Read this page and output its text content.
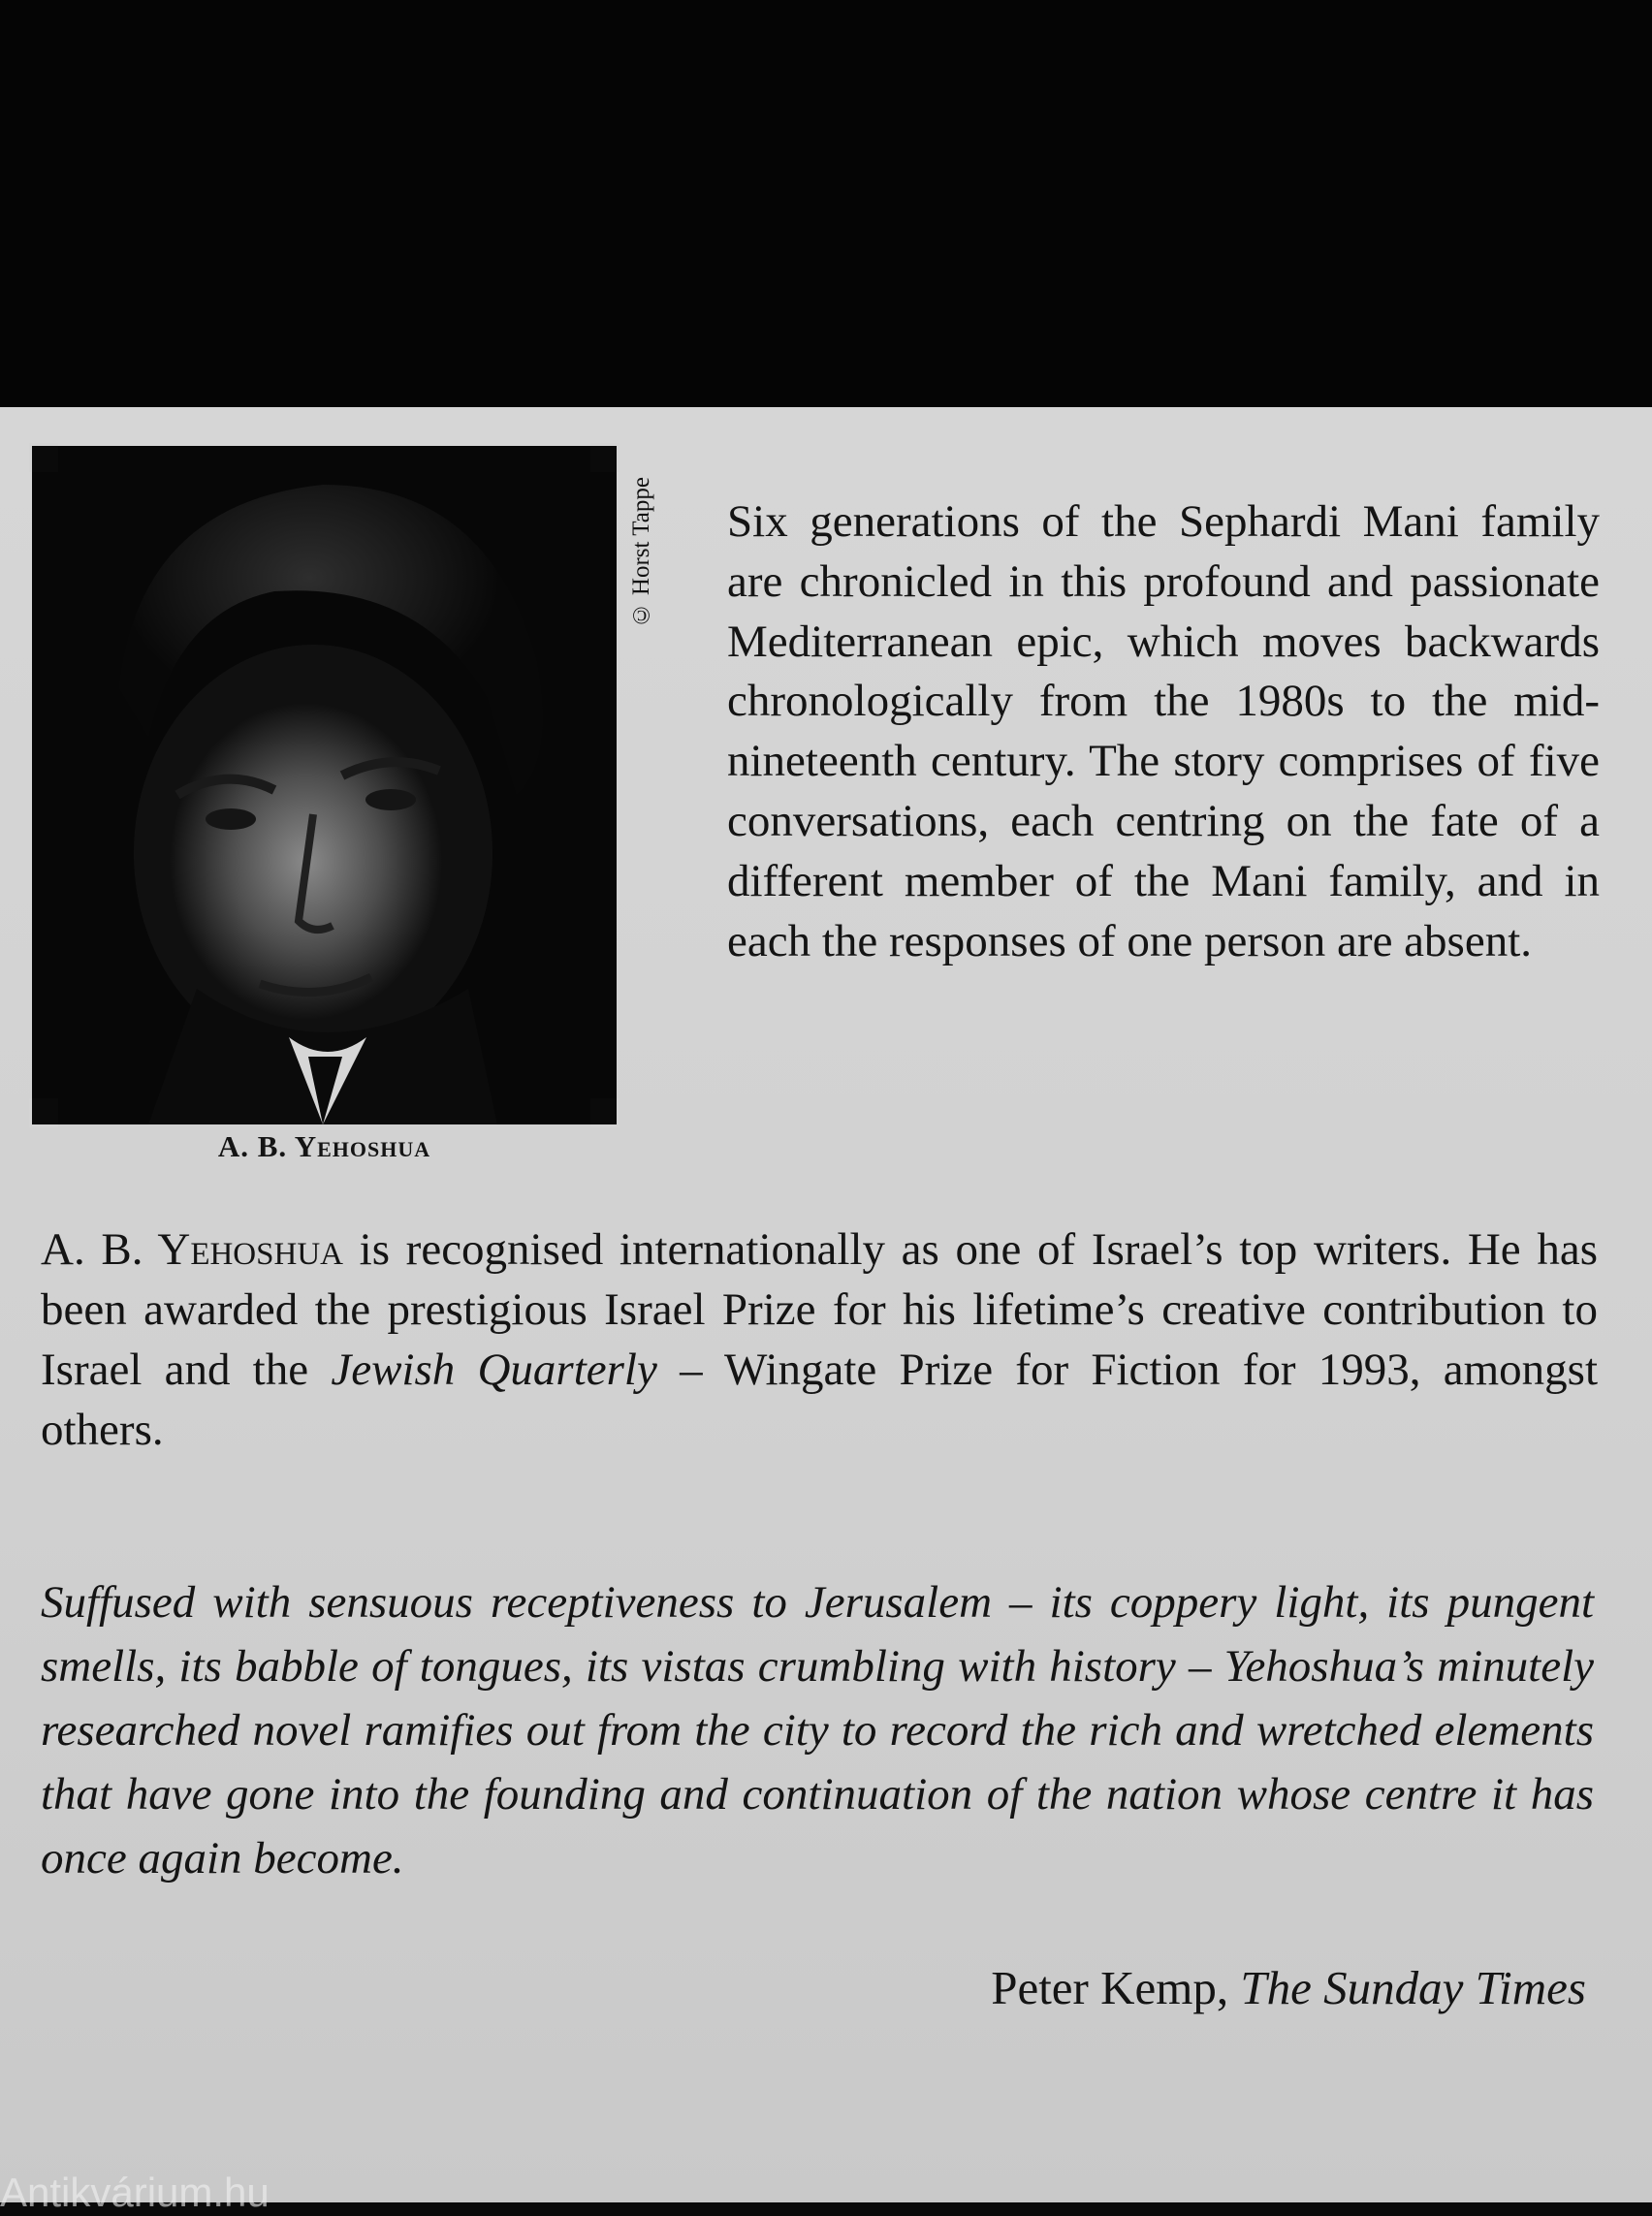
© Horst Tappe
A. B. Yehoshua

Six generations of the Sephardi Mani family are chronicled in this profound and passionate Mediterranean epic, which moves backwards chronologically from the 1980s to the mid-nineteenth century. The story comprises of five conversations, each centring on the fate of a different member of the Mani family, and in each the responses of one person are absent.

A. B. Yehoshua is recognised internationally as one of Israel’s top writers. He has been awarded the prestigious Israel Prize for his lifetime’s creative contribution to Israel and the Jewish Quarterly – Wingate Prize for Fiction for 1993, amongst others.

Suffused with sensuous receptiveness to Jerusalem – its coppery light, its pungent smells, its babble of tongues, its vistas crumbling with history – Yehoshua’s minutely researched novel ramifies out from the city to record the rich and wretched elements that have gone into the founding and continuation of the nation whose centre it has once again become.

Peter Kemp, The Sunday Times
Antikvárium.hu
